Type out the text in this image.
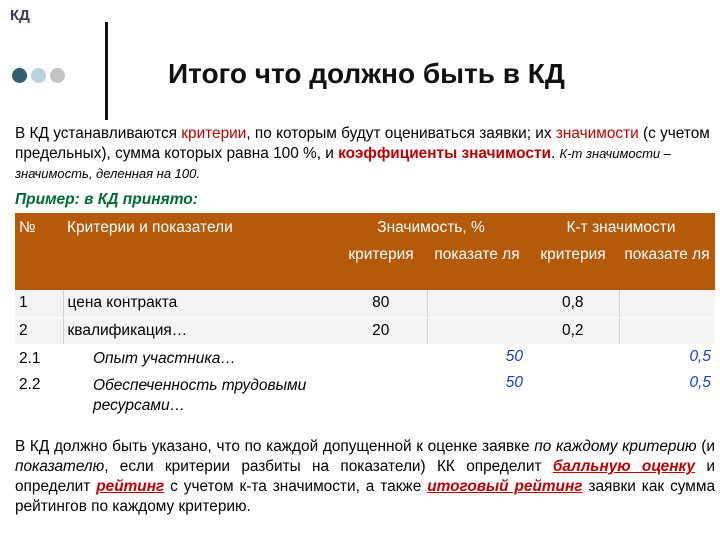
КД
Итого что должно быть в КД
В КД устанавливаются критерии, по которым будут оцениваться заявки; их значимости (с учетом предельных), сумма которых равна 100 %, и коэффициенты значимости. К-т значимости – значимость, деленная на 100.
Пример: в КД принято:
№	Критерии и показатели	Значимость, %		К-т значимости	
		критерия	показате ля	критерия	показате ля
1	цена контракта	80		0,8	
2	квалификация…	20		0,2	
2.1	Опыт участника…		50		0,5
2.2	Обеспеченность трудовыми ресурсами…		50		0,5
В КД должно быть указано, что по каждой допущенной к оценке заявке по каждому критерию (и показателю, если критерии разбиты на показатели) КК определит балльную оценку и определит рейтинг с учетом к-та значимости, а также итоговый рейтинг заявки как сумма рейтингов по каждому критерию.
